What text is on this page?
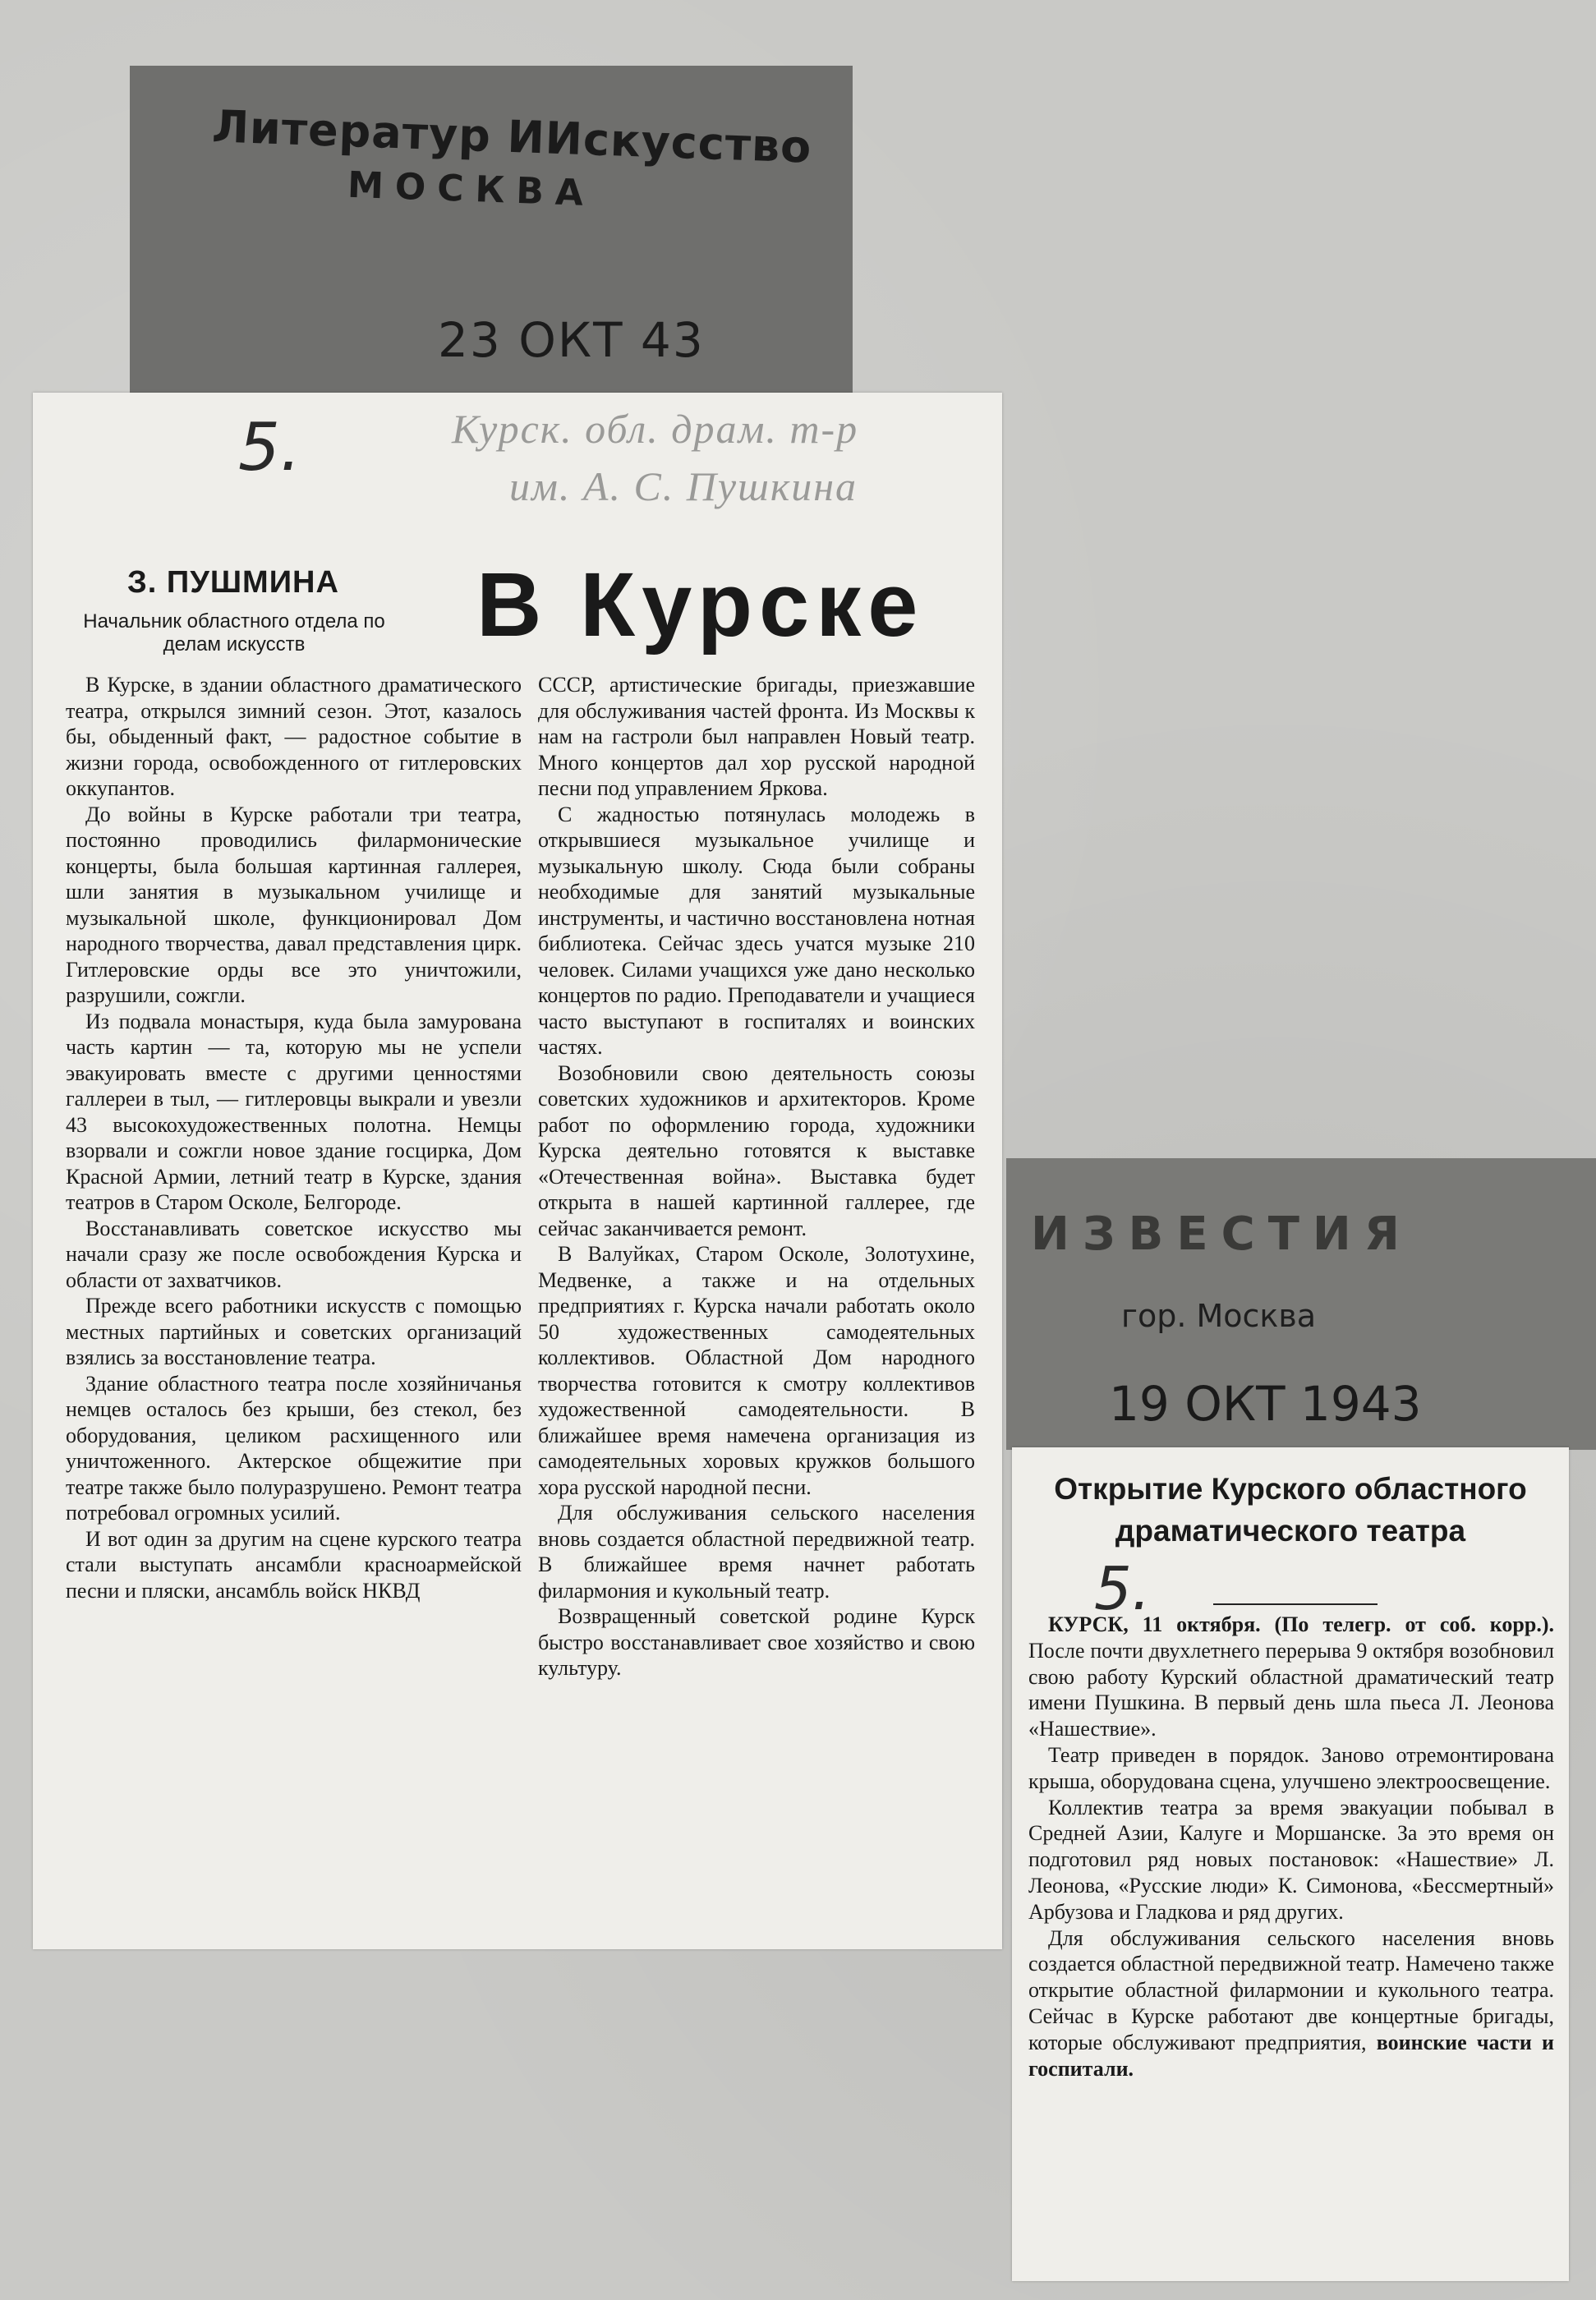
Литератур ИИскусство
МОСКВА
23 ОКТ 43
5.	Курск. обл. драм. т-р
им. А. С. Пушкина
З. ПУШМИНА
Начальник областного отдела по делам искусств	В Курске

В Курске, в здании областного драматического театра, открылся зимний сезон. Этот, казалось бы, обыденный факт, — радостное событие в жизни города, освобожденного от гитлеровских оккупантов.

До войны в Курске работали три театра, постоянно проводились филармонические концерты, была большая картинная галлерея, шли занятия в музыкальном училище и музыкальной школе, функционировал Дом народного творчества, давал представления цирк. Гитлеровские орды все это уничтожили, разрушили, сожгли.

Из подвала монастыря, куда была замурована часть картин — та, которую мы не успели эвакуировать вместе с другими ценностями галлереи в тыл, — гитлеровцы выкрали и увезли 43 высокохудожественных полотна. Немцы взорвали и сожгли новое здание госцирка, Дом Красной Армии, летний театр в Курске, здания театров в Старом Осколе, Белгороде.

Восстанавливать советское искусство мы начали сразу же после освобождения Курска и области от захватчиков.

Прежде всего работники искусств с помощью местных партийных и советских организаций взялись за восстановление театра.

Здание областного театра после хозяйничанья немцев осталось без крыши, без стекол, без оборудования, целиком расхищенного или уничтоженного. Актерское общежитие при театре также было полуразрушено. Ремонт театра потребовал огромных усилий.

И вот один за другим на сцене курского театра стали выступать ансамбли красноармейской песни и пляски, ансамбль войск НКВД

СССР, артистические бригады, приезжавшие для обслуживания частей фронта. Из Москвы к нам на гастроли был направлен Новый театр. Много концертов дал хор русской народной песни под управлением Яркова.

С жадностью потянулась молодежь в открывшиеся музыкальное училище и музыкальную школу. Сюда были собраны необходимые для занятий музыкальные инструменты, и частично восстановлена нотная библиотека. Сейчас здесь учатся музыке 210 человек. Силами учащихся уже дано несколько концертов по радио. Преподаватели и учащиеся часто выступают в госпиталях и воинских частях.

Возобновили свою деятельность союзы советских художников и архитекторов. Кроме работ по оформлению города, художники Курска деятельно готовятся к выставке «Отечественная война». Выставка будет открыта в нашей картинной галлерее, где сейчас заканчивается ремонт.

В Валуйках, Старом Осколе, Золотухине, Медвенке, а также и на отдельных предприятиях г. Курска начали работать около 50 художественных самодеятельных коллективов. Областной Дом народного творчества готовится к смотру коллективов художественной самодеятельности. В ближайшее время намечена организация из самодеятельных хоровых кружков большого хора русской народной песни.

Для обслуживания сельского населения вновь создается областной передвижной театр. В ближайшее время начнет работать филармония и кукольный театр.

Возвращенный советской родине Курск быстро восстанавливает свое хозяйство и свою культуру.

ИЗВЕСТИЯ
гор. Москва
19 ОКТ 1943
Открытие Курского областного драматического театра
5.

КУРСК, 11 октября. (По телегр. от соб. корр.). После почти двухлетнего перерыва 9 октября возобновил свою работу Курский областной драматический театр имени Пушкина. В первый день шла пьеса Л. Леонова «Нашествие».

Театр приведен в порядок. Заново отремонтирована крыша, оборудована сцена, улучшено электроосвещение.

Коллектив театра за время эвакуации побывал в Средней Азии, Калуге и Моршанске. За это время он подготовил ряд новых постановок: «Нашествие» Л. Леонова, «Русские люди» К. Симонова, «Бессмертный» Арбузова и Гладкова и ряд других.

Для обслуживания сельского населения вновь создается областной передвижной театр. Намечено также открытие областной филармонии и кукольного театра. Сейчас в Курске работают две концертные бригады, которые обслуживают предприятия, воинские части и госпитали.
